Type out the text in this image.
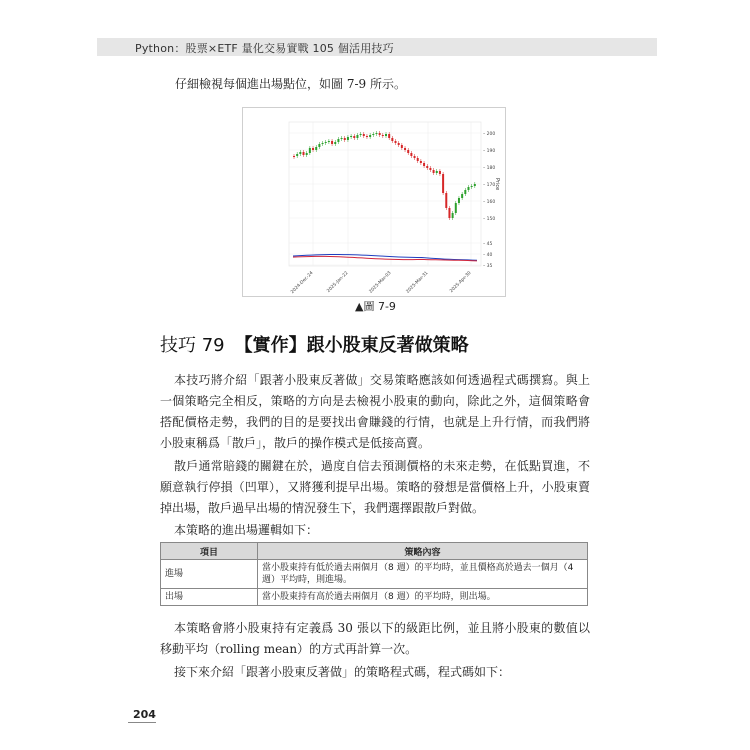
Python：股票×ETF 量化交易實戰 105 個活用技巧
仔細檢視每個進出場點位，如圖 7-9 所示。
– 200
– 190
– 180
– 170
– 160
– 150
– 45
– 40
– 35
2024-Dec-24	2025-Jan-22	2025-Mar-03	2025-Mar-31	2025-Apr-30
Price
▲圖 7-9
技巧 79 【實作】跟小股東反著做策略
本技巧將介紹「跟著小股東反著做」交易策略應該如何透過程式碼撰寫。與上一個策略完全相反，策略的方向是去檢視小股東的動向，除此之外，這個策略會搭配價格走勢，我們的目的是要找出會賺錢的行情，也就是上升行情，而我們將小股東稱爲「散戶」，散戶的操作模式是低接高賣。
散戶通常賠錢的關鍵在於，過度自信去預測價格的未來走勢，在低點買進，不願意執行停損（凹單），又將獲利提早出場。策略的發想是當價格上升，小股東賣掉出場，散戶過早出場的情況發生下，我們選擇跟散戶對做。
本策略的進出場邏輯如下：
項目	策略內容
進場	當小股東持有低於過去兩個月（8 週）的平均時，並且價格高於過去一個月（4 週）平均時，則進場。
出場	當小股東持有高於過去兩個月（8 週）的平均時，則出場。
本策略會將小股東持有定義爲 30 張以下的級距比例，並且將小股東的數值以移動平均（rolling mean）的方式再計算一次。
接下來介紹「跟著小股東反著做」的策略程式碼，程式碼如下：
204
